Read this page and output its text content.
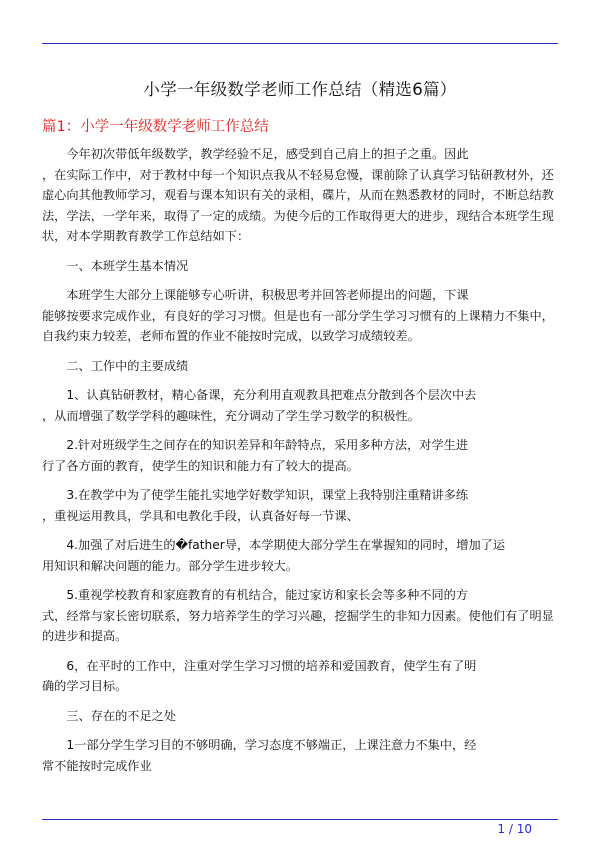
小学一年级数学老师工作总结（精选6篇）
篇1：小学一年级数学老师工作总结
　　今年初次带低年级数学，教学经验不足，感受到自己肩上的担子之重。因此
，在实际工作中，对于教材中每一个知识点我从不轻易怠慢，课前除了认真学习钻研教材外，还
虚心向其他教师学习，观看与课本知识有关的录相，碟片，从而在熟悉教材的同时，不断总结教
法，学法，一学年来，取得了一定的成绩。为使今后的工作取得更大的进步，现结合本班学生现
状，对本学期教育教学工作总结如下：
　　一、本班学生基本情况
　　本班学生大部分上课能够专心听讲，积极思考并回答老师提出的问题，下课
能够按要求完成作业，有良好的学习习惯。但是也有一部分学生学习习惯有的上课精力不集中，
自我约束力较差，老师布置的作业不能按时完成，以致学习成绩较差。
　　二、工作中的主要成绩
　　1、认真钻研教材，精心备课，充分利用直观教具把难点分散到各个层次中去
，从而增强了数学学科的趣味性，充分调动了学生学习数学的积极性。
　　2.针对班级学生之间存在的知识差异和年龄特点，采用多种方法，对学生进
行了各方面的教育，使学生的知识和能力有了较大的提高。
　　3.在教学中为了使学生能扎实地学好数学知识，课堂上我特别注重精讲多练
，重视运用教具，学具和电教化手段，认真备好每一节课、
　　4.加强了对后进生的�father导，本学期使大部分学生在掌握知的同时，增加了运
用知识和解决问题的能力。部分学生进步较大。
　　5.重视学校教育和家庭教育的有机结合，能过家访和家长会等多种不同的方
式，经常与家长密切联系，努力培养学生的学习兴趣，挖掘学生的非知力因素。使他们有了明显
的进步和提高。
　　6，在平时的工作中，注重对学生学习习惯的培养和爱国教育，使学生有了明
确的学习目标。
　　三、存在的不足之处
　　1一部分学生学习目的不够明确，学习态度不够端正，上课注意力不集中，经
常不能按时完成作业
1 / 10
